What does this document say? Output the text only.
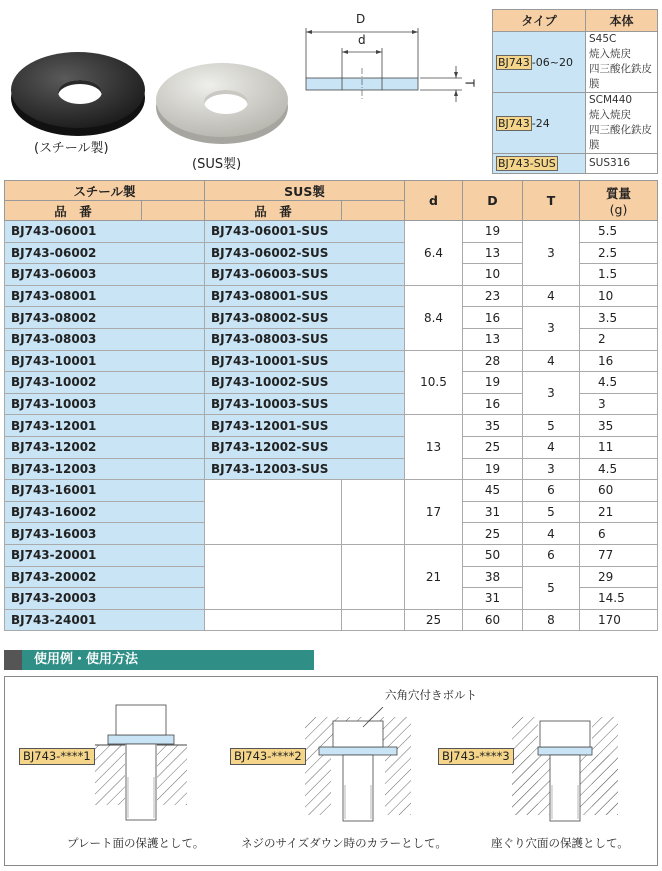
(スチール製)
(SUS製)
D
d
T
タイプ	本体
BJ743 -06~20	S45C
焼入焼戻
四三酸化鉄皮膜

BJ743 -24	SCM440
焼入焼戻
四三酸化鉄皮膜

BJ743-SUS	SUS316
スチール製		SUS製		d	D	T	質量
(g)

品　番		品　番					
BJ743-06001		BJ743-06001-SUS		6.4	19	3	5.5
BJ743-06002		BJ743-06002-SUS			13		2.5
BJ743-06003		BJ743-06003-SUS			10		1.5
BJ743-08001		BJ743-08001-SUS		8.4	23	4	10
BJ743-08002		BJ743-08002-SUS			16	3	3.5
BJ743-08003		BJ743-08003-SUS			13		2
BJ743-10001		BJ743-10001-SUS		10.5	28	4	16
BJ743-10002		BJ743-10002-SUS			19	3	4.5
BJ743-10003		BJ743-10003-SUS			16		3
BJ743-12001		BJ743-12001-SUS		13	35	5	35
BJ743-12002		BJ743-12002-SUS			25	4	11
BJ743-12003		BJ743-12003-SUS			19	3	4.5
BJ743-16001				17	45	6	60
BJ743-16002					31	5	21
BJ743-16003					25	4	6
BJ743-20001				21	50	6	77
BJ743-20002					38	5	29
BJ743-20003					31		14.5
BJ743-24001				25	60	8	170
使用例・使用方法
BJ743-****1
プレート面の保護として。
六角穴付きボルト
BJ743-****2
ネジのサイズダウン時のカラーとして。
BJ743-****3
座ぐり穴面の保護として。
